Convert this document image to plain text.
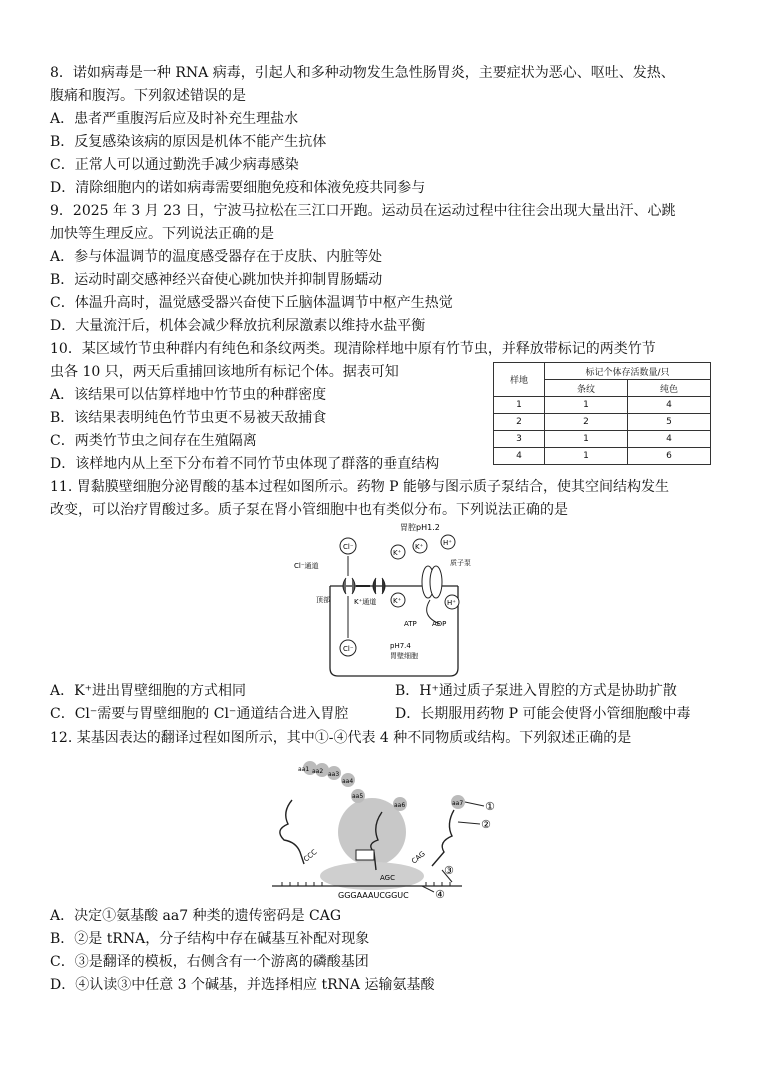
8．诺如病毒是一种 RNA 病毒，引起人和多种动物发生急性肠胃炎，主要症状为恶心、呕吐、发热、
腹痛和腹泻。下列叙述错误的是
A．患者严重腹泻后应及时补充生理盐水
B．反复感染该病的原因是机体不能产生抗体
C．正常人可以通过勤洗手减少病毒感染
D．清除细胞内的诺如病毒需要细胞免疫和体液免疫共同参与
9．2025 年 3 月 23 日，宁波马拉松在三江口开跑。运动员在运动过程中往往会出现大量出汗、心跳
加快等生理反应。下列说法正确的是
A．参与体温调节的温度感受器存在于皮肤、内脏等处
B．运动时副交感神经兴奋使心跳加快并抑制胃肠蠕动
C．体温升高时，温觉感受器兴奋使下丘脑体温调节中枢产生热觉
D．大量流汗后，机体会减少释放抗利尿激素以维持水盐平衡
10．某区域竹节虫种群内有纯色和条纹两类。现清除样地中原有竹节虫，并释放带标记的两类竹节
虫各 10 只，两天后重捕回该地所有标记个体。据表可知
A．该结果可以估算样地中竹节虫的种群密度
B．该结果表明纯色竹节虫更不易被天敌捕食
C．两类竹节虫之间存在生殖隔离
D．该样地内从上至下分布着不同竹节虫体现了群落的垂直结构
样地	标记个体存活数量/只	
	条纹	纯色
1	1	4
2	2	5
3	1	4
4	1	6
11. 胃黏膜壁细胞分泌胃酸的基本过程如图所示。药物 P 能够与图示质子泵结合，使其空间结构发生
改变，可以治疗胃酸过多。质子泵在肾小管细胞中也有类似分布。下列说法正确的是
胃腔pH1.2
Cl⁻通道
顶部
Cl⁻
K⁺通道
K⁺
K⁺
K⁺	H⁺
H⁺
质子泵
ATP ADP
Cl⁻	pH7.4
胃壁细胞
A．K⁺进出胃壁细胞的方式相同	B．H⁺通过质子泵进入胃腔的方式是协助扩散
C．Cl⁻需要与胃壁细胞的 Cl⁻通道结合进入胃腔	D．长期服用药物 P 可能会使肾小管细胞酸中毒
12. 某基因表达的翻译过程如图所示，其中①-④代表 4 种不同物质或结构。下列叙述正确的是
GGGAAAUCGGUC
aa1 aa2 aa3
aa4
aa5
aa6	aa7
CCC
AGC
CAG
①
②
③
④
A．决定①氨基酸 aa7 种类的遗传密码是 CAG
B．②是 tRNA，分子结构中存在碱基互补配对现象
C．③是翻译的模板，右侧含有一个游离的磷酸基团
D．④认读③中任意 3 个碱基，并选择相应 tRNA 运输氨基酸
